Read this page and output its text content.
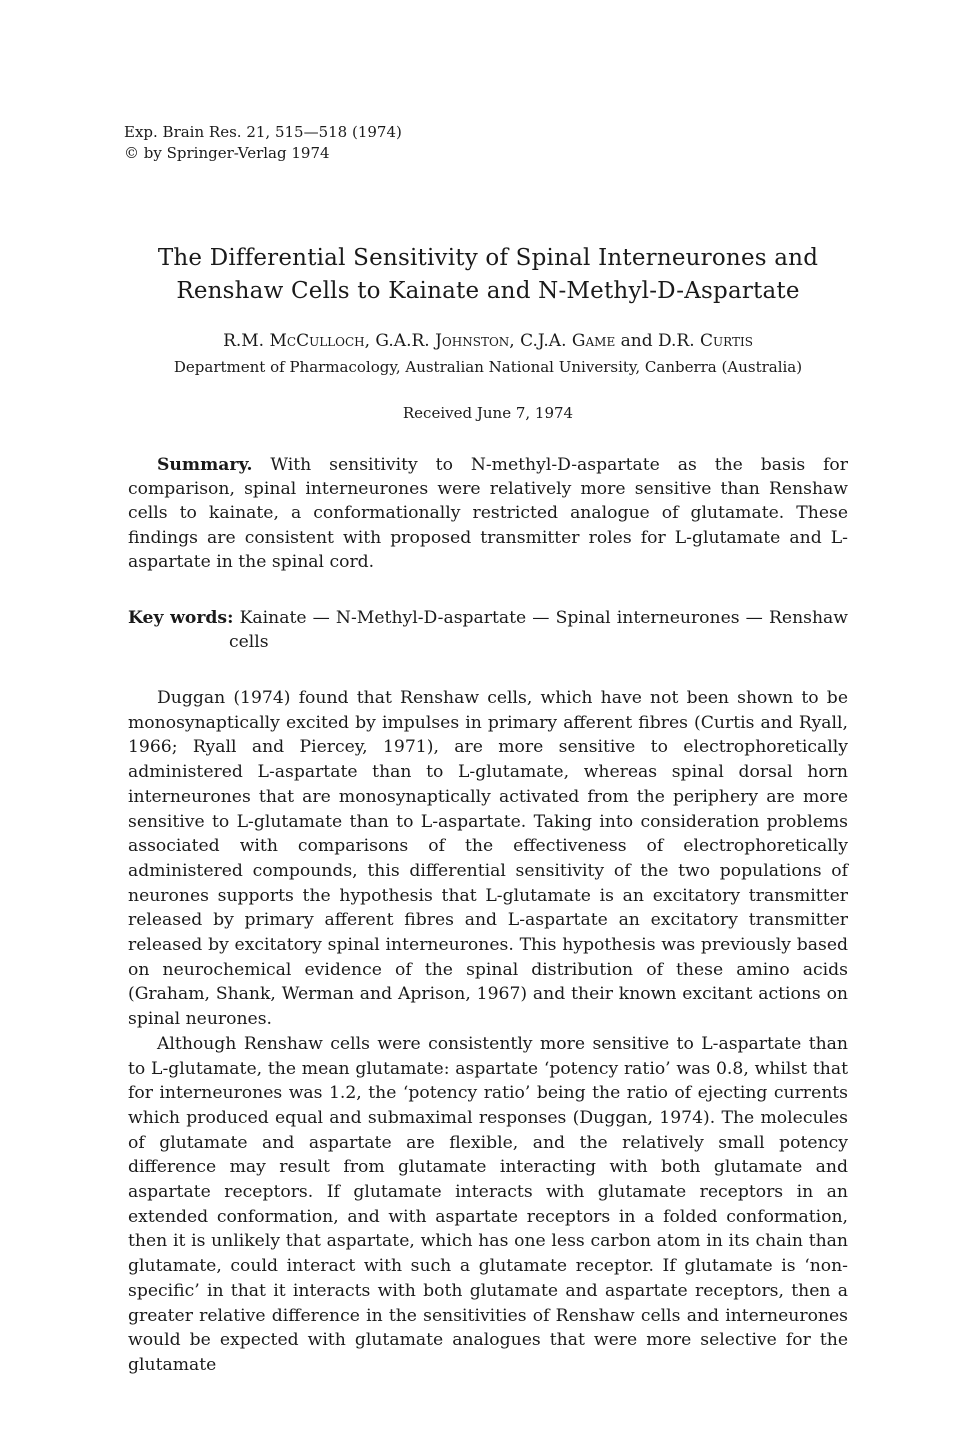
Exp. Brain Res. 21, 515—518 (1974)
© by Springer-Verlag 1974
The Differential Sensitivity of Spinal Interneurones and
Renshaw Cells to Kainate and N-Methyl-D-Aspartate
R.M. McCulloch, G.A.R. Johnston, C.J.A. Game and D.R. Curtis
Department of Pharmacology, Australian National University, Canberra (Australia)
Received June 7, 1974
Summary. With sensitivity to N-methyl-D-aspartate as the basis for comparison, spinal interneurones were relatively more sensitive than Renshaw cells to kainate, a conformationally restricted analogue of glutamate. These findings are consistent with proposed transmitter roles for L-glutamate and L-aspartate in the spinal cord.
Key words: Kainate — N-Methyl-D-aspartate — Spinal interneurones — Renshaw cells

Duggan (1974) found that Renshaw cells, which have not been shown to be monosynaptically excited by impulses in primary afferent fibres (Curtis and Ryall, 1966; Ryall and Piercey, 1971), are more sensitive to electrophoretically administered L-aspartate than to L-glutamate, whereas spinal dorsal horn interneurones that are monosynaptically activated from the periphery are more sensitive to L-glutamate than to L-aspartate. Taking into consideration problems associated with comparisons of the effectiveness of electrophoretically administered compounds, this differential sensitivity of the two populations of neurones supports the hypothesis that L-glutamate is an excitatory transmitter released by primary afferent fibres and L-aspartate an excitatory transmitter released by excitatory spinal interneurones. This hypothesis was previously based on neurochemical evidence of the spinal distribution of these amino acids (Graham, Shank, Werman and Aprison, 1967) and their known excitant actions on spinal neurones.

Although Renshaw cells were consistently more sensitive to L-aspartate than to L-glutamate, the mean glutamate: aspartate ‘potency ratio’ was 0.8, whilst that for interneurones was 1.2, the ‘potency ratio’ being the ratio of ejecting currents which produced equal and submaximal responses (Duggan, 1974). The molecules of glutamate and aspartate are flexible, and the relatively small potency difference may result from glutamate interacting with both glutamate and aspartate receptors. If glutamate interacts with glutamate receptors in an extended conformation, and with aspartate receptors in a folded conformation, then it is unlikely that aspartate, which has one less carbon atom in its chain than glutamate, could interact with such a glutamate receptor. If glutamate is ‘non-specific’ in that it interacts with both glutamate and aspartate receptors, then a greater relative difference in the sensitivities of Renshaw cells and interneurones would be expected with glutamate analogues that were more selective for the glutamate
